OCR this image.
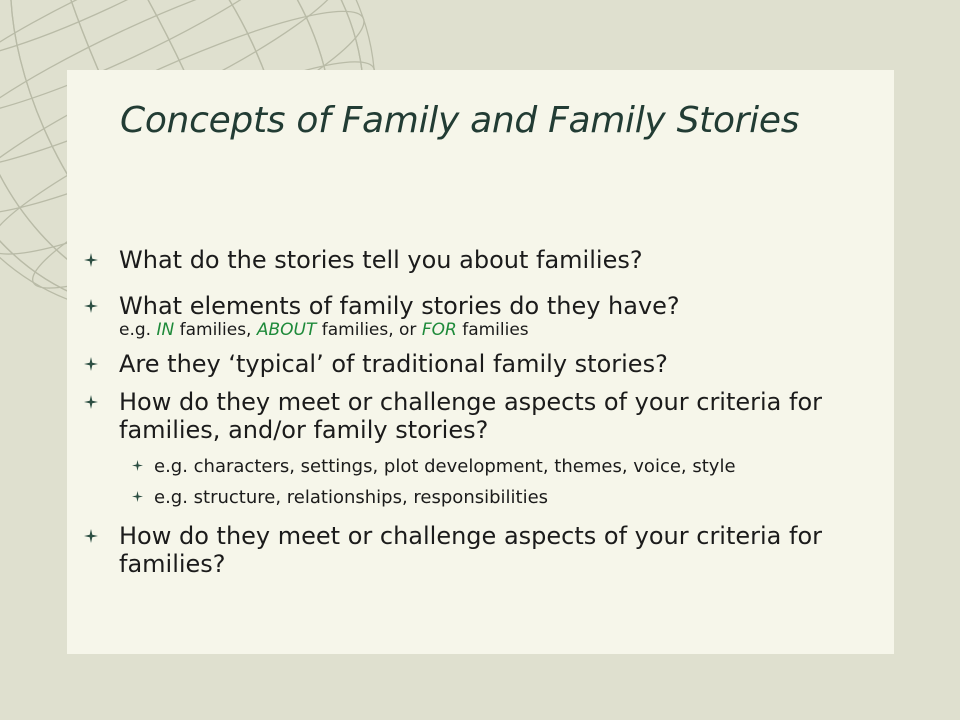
Concepts of Family and Family Stories
What do the stories tell you about families?
What elements of family stories do they have?
e.g. IN families, ABOUT families, or FOR families
Are they ‘typical’ of traditional family stories?
How do they meet or challenge aspects of your criteria for families, and/or family stories?
e.g. characters, settings, plot development, themes, voice, style
e.g. structure, relationships, responsibilities
How do they meet or challenge aspects of your criteria for families?
